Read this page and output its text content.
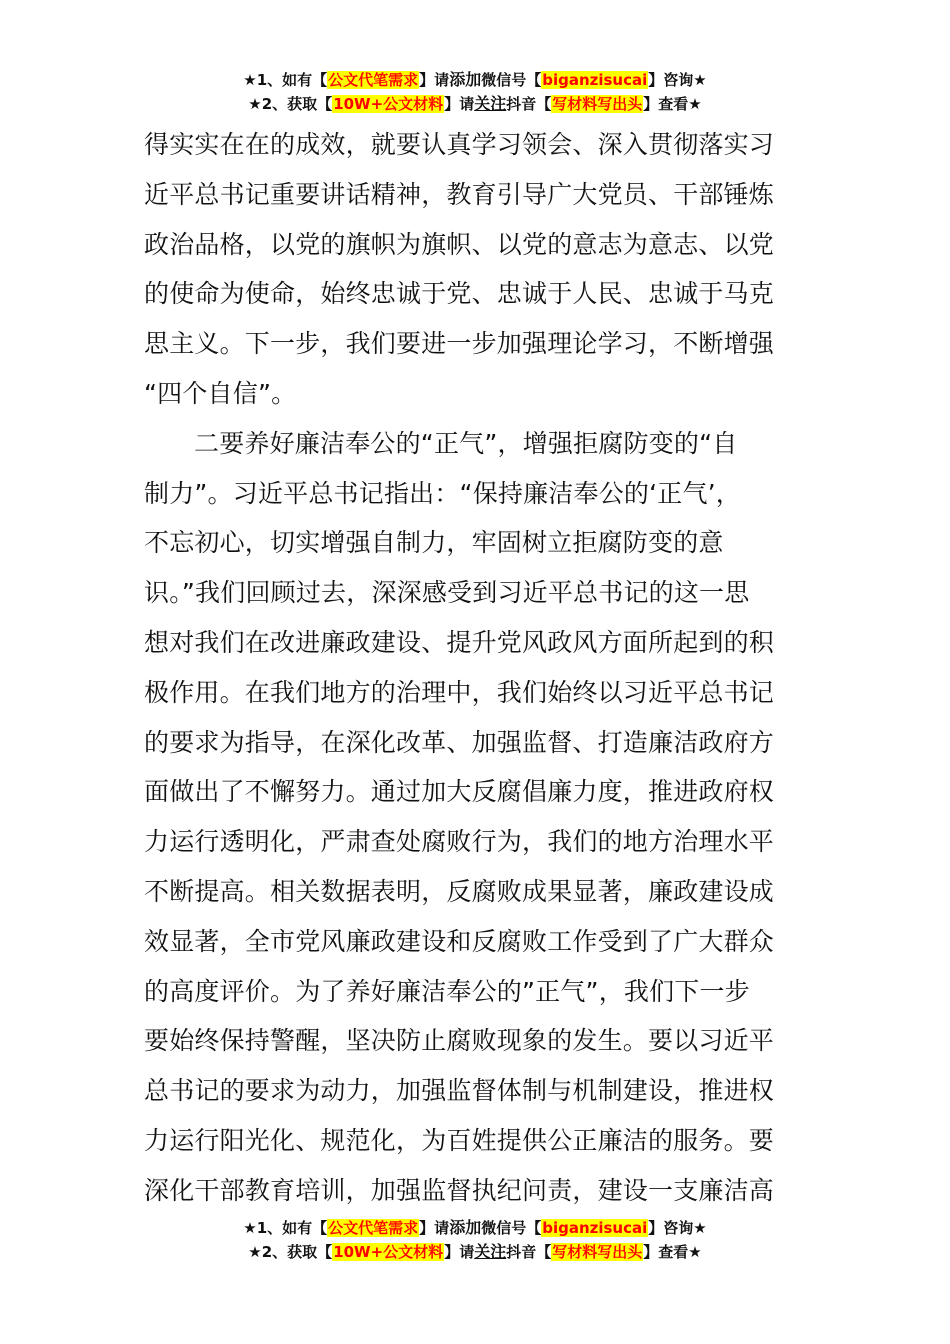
★1、如有【公文代笔需求】请添加微信号【biganzisucai】咨询★
★2、获取【10W+公文材料】请关注抖音【写材料写出头】查看★
得实实在在的成效，就要认真学习领会、深入贯彻落实习
近平总书记重要讲话精神，教育引导广大党员、干部锤炼
政治品格，以党的旗帜为旗帜、以党的意志为意志、以党
的使命为使命，始终忠诚于党、忠诚于人民、忠诚于马克
思主义。下一步，我们要进一步加强理论学习，不断增强
“四个自信”。
二要养好廉洁奉公的“正气”，增强拒腐防变的“自
制力”。习近平总书记指出：“保持廉洁奉公的‘正气’，
不忘初心，切实增强自制力，牢固树立拒腐防变的意
识。”我们回顾过去，深深感受到习近平总书记的这一思
想对我们在改进廉政建设、提升党风政风方面所起到的积
极作用。在我们地方的治理中，我们始终以习近平总书记
的要求为指导，在深化改革、加强监督、打造廉洁政府方
面做出了不懈努力。通过加大反腐倡廉力度，推进政府权
力运行透明化，严肃查处腐败行为，我们的地方治理水平
不断提高。相关数据表明，反腐败成果显著，廉政建设成
效显著，全市党风廉政建设和反腐败工作受到了广大群众
的高度评价。为了养好廉洁奉公的”正气”，我们下一步
要始终保持警醒，坚决防止腐败现象的发生。要以习近平
总书记的要求为动力，加强监督体制与机制建设，推进权
力运行阳光化、规范化，为百姓提供公正廉洁的服务。要
深化干部教育培训，加强监督执纪问责，建设一支廉洁高
★1、如有【公文代笔需求】请添加微信号【biganzisucai】咨询★
★2、获取【10W+公文材料】请关注抖音【写材料写出头】查看★
